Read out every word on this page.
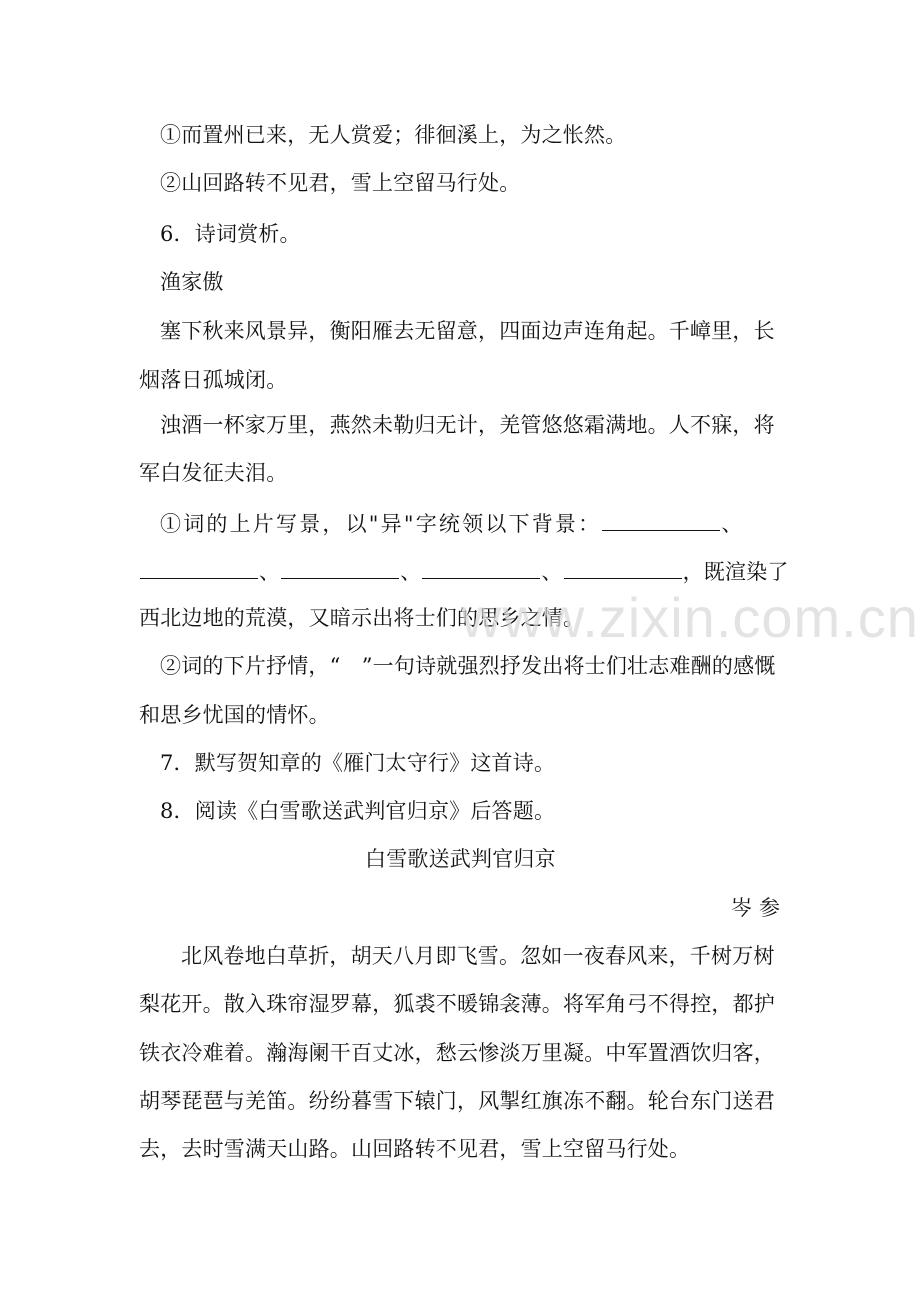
①而置州已来，无人赏爱；徘徊溪上，为之怅然。
②山回路转不见君，雪上空留马行处。
6．诗词赏析。
渔家傲
塞下秋来风景异，衡阳雁去无留意，四面边声连角起。千嶂里，长
烟落日孤城闭。
浊酒一杯家万里，燕然未勒归无计，羌管悠悠霜满地。人不寐，将
军白发征夫泪。
①词的上片写景，以"异"字统领以下背景：	、
、	、	、	，既渲染了
西北边地的荒漠，又暗示出将士们的思乡之情。
②词的下片抒情，“　”一句诗就强烈抒发出将士们壮志难酬的感慨
和思乡忧国的情怀。
7．默写贺知章的《雁门太守行》这首诗。
8．阅读《白雪歌送武判官归京》后答题。
白雪歌送武判官归京
岑参
北风卷地白草折，胡天八月即飞雪。忽如一夜春风来，千树万树
梨花开。散入珠帘湿罗幕，狐裘不暖锦衾薄。将军角弓不得控，都护
铁衣冷难着。瀚海阑干百丈冰，愁云惨淡万里凝。中军置酒饮归客，
胡琴琵琶与羌笛。纷纷暮雪下辕门，风掣红旗冻不翻。轮台东门送君
去，去时雪满天山路。山回路转不见君，雪上空留马行处。
www.zixin.com.cn
